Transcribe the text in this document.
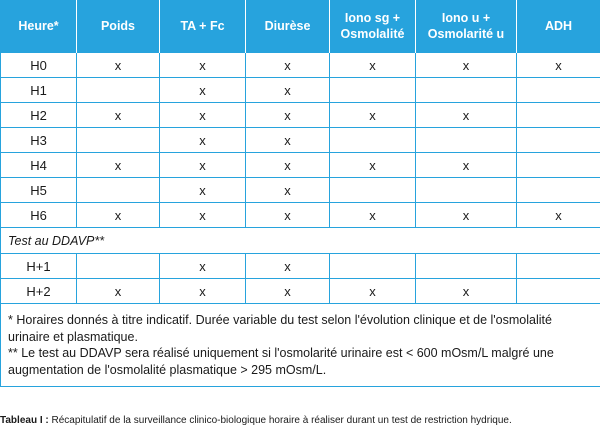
Heure*	Poids	TA + Fc	Diurèse	Iono sg + Osmolalité	Iono u + Osmolarité u	ADH
H0	x	x	x	x	x	x
H1		x	x			
H2	x	x	x	x	x	
H3		x	x			
H4	x	x	x	x	x	
H5		x	x			
H6	x	x	x	x	x	x
Test au DDAVP**						
H+1		x	x			
H+2	x	x	x	x	x	

* Horaires donnés à titre indicatif. Durée variable du test selon l'évolution clinique et de l'osmolalité urinaire et plasmatique.
** Le test au DDAVP sera réalisé uniquement si l'osmolarité urinaire est < 600 mOsm/L malgré une augmentation de l'osmolalité plasmatique > 295 mOsm/L.						
Tableau I : Récapitulatif de la surveillance clinico-biologique horaire à réaliser durant un test de restriction hydrique.
